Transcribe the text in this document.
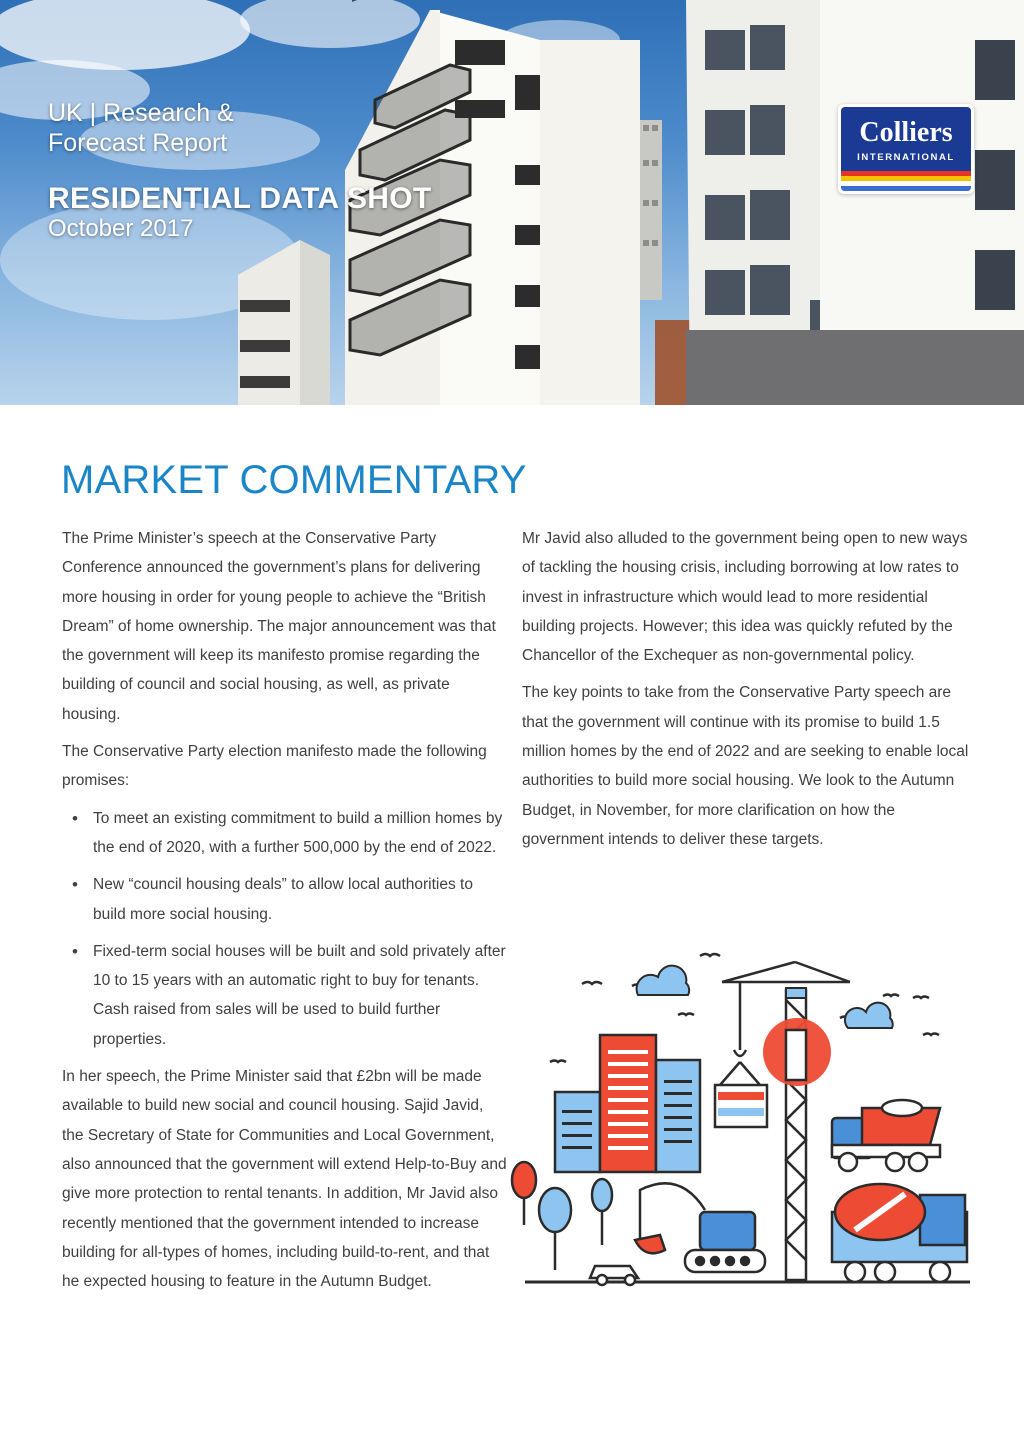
UK | Research &

Forecast Report

RESIDENTIAL DATA SHOT

October 2017

Colliers
INTERNATIONAL
MARKET COMMENTARY

The Prime Minister’s speech at the Conservative Party Conference announced the government’s plans for delivering more housing in order for young people to achieve the “British Dream” of home ownership. The major announcement was that the government will keep its manifesto promise regarding the building of council and social housing, as well, as private housing.

The Conservative Party election manifesto made the following promises:

• To meet an existing commitment to build a million homes by the end of 2020, with a further 500,000 by the end of 2022.
• New “council housing deals” to allow local authorities to build more social housing.
• Fixed-term social houses will be built and sold privately after 10 to 15 years with an automatic right to buy for tenants. Cash raised from sales will be used to build further properties.

In her speech, the Prime Minister said that £2bn will be made available to build new social and council housing. Sajid Javid, the Secretary of State for Communities and Local Government, also announced that the government will extend Help-to-Buy and give more protection to rental tenants. In addition, Mr Javid also recently mentioned that the government intended to increase building for all-types of homes, including build-to-rent, and that he expected housing to feature in the Autumn Budget.

Mr Javid also alluded to the government being open to new ways of tackling the housing crisis, including borrowing at low rates to invest in infrastructure which would lead to more residential building projects. However; this idea was quickly refuted by the Chancellor of the Exchequer as non-governmental policy.

The key points to take from the Conservative Party speech are that the government will continue with its promise to build 1.5 million homes by the end of 2022 and are seeking to enable local authorities to build more social housing. We look to the Autumn Budget, in November, for more clarification on how the government intends to deliver these targets.
